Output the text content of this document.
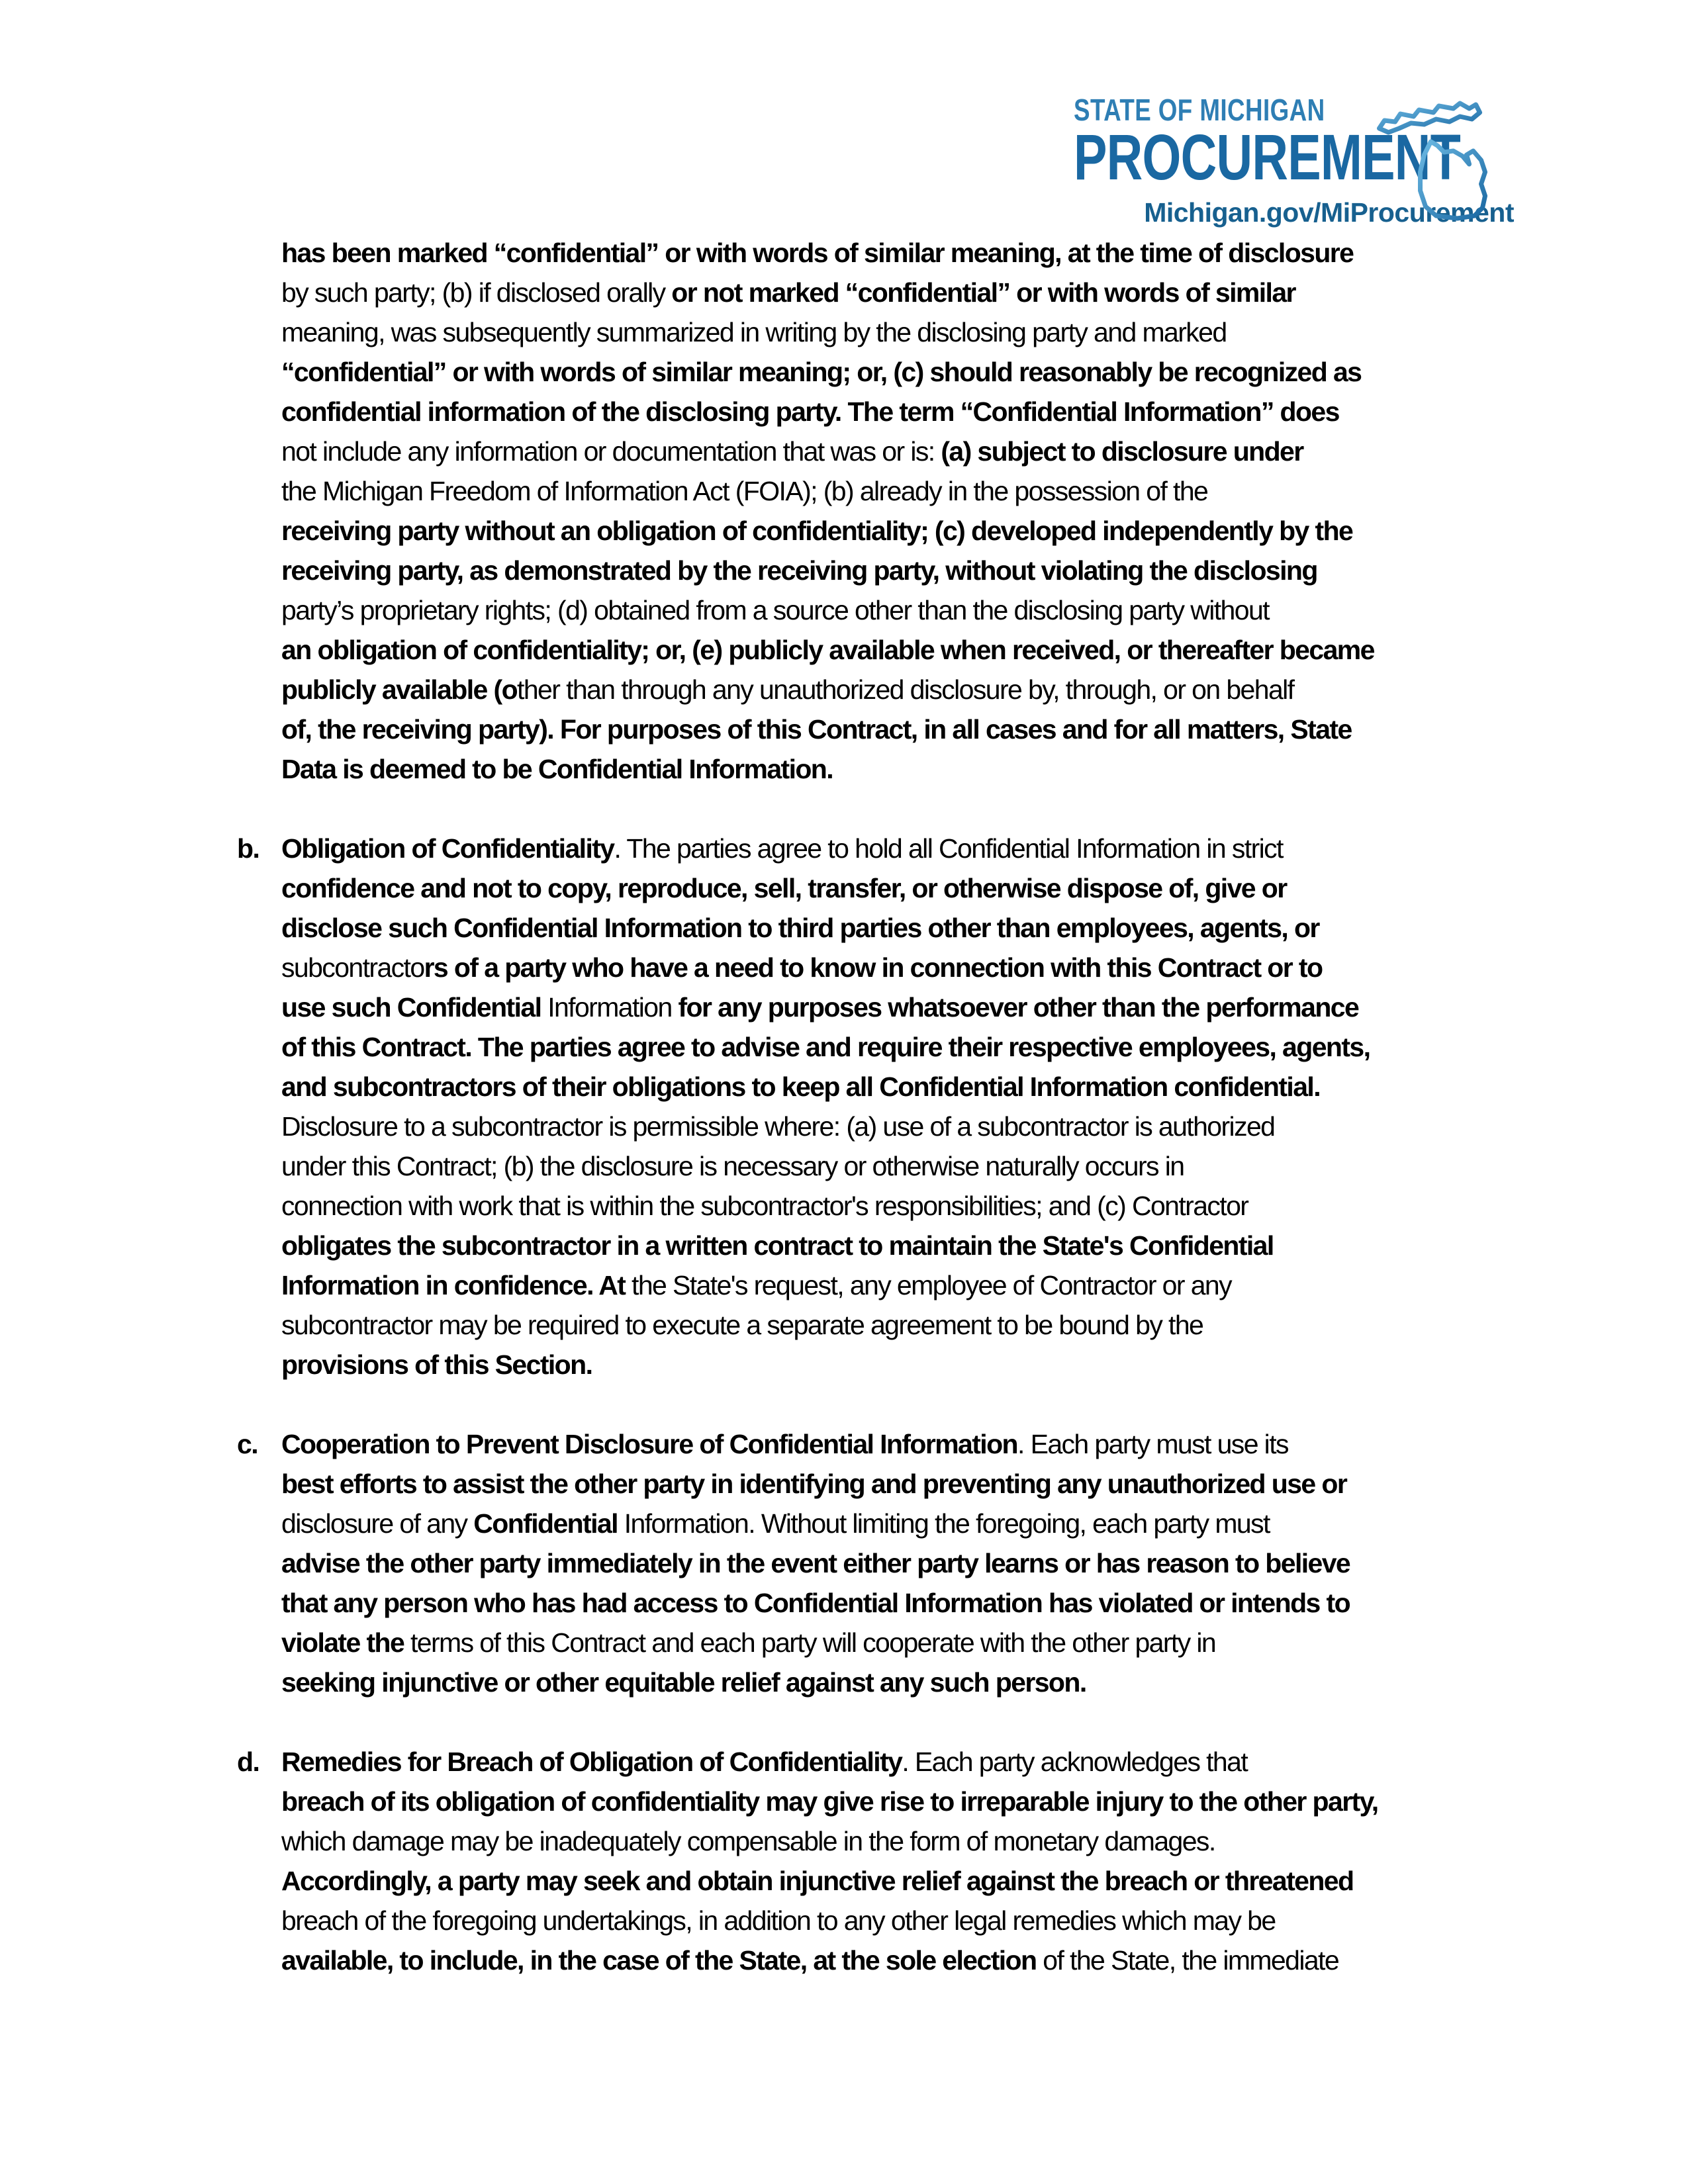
STATE OF MICHIGAN
PROCUREMENT
Michigan.gov/MiProcurement
has been marked “confidential” or with words of similar meaning, at the time of disclosure
by such party; (b) if disclosed orally or not marked “confidential” or with words of similar
meaning, was subsequently summarized in writing by the disclosing party and marked
“confidential” or with words of similar meaning; or, (c) should reasonably be recognized as
confidential information of the disclosing party. The term “Confidential Information” does
not include any information or documentation that was or is: (a) subject to disclosure under
the Michigan Freedom of Information Act (FOIA); (b) already in the possession of the
receiving party without an obligation of confidentiality; (c) developed independently by the
receiving party, as demonstrated by the receiving party, without violating the disclosing
party’s proprietary rights; (d) obtained from a source other than the disclosing party without
an obligation of confidentiality; or, (e) publicly available when received, or thereafter became
publicly available (other than through any unauthorized disclosure by, through, or on behalf
of, the receiving party). For purposes of this Contract, in all cases and for all matters, State
Data is deemed to be Confidential Information.
b. Obligation of Confidentiality. The parties agree to hold all Confidential Information in strict
confidence and not to copy, reproduce, sell, transfer, or otherwise dispose of, give or
disclose such Confidential Information to third parties other than employees, agents, or
subcontractors of a party who have a need to know in connection with this Contract or to
use such Confidential Information for any purposes whatsoever other than the performance
of this Contract. The parties agree to advise and require their respective employees, agents,
and subcontractors of their obligations to keep all Confidential Information confidential.
Disclosure to a subcontractor is permissible where: (a) use of a subcontractor is authorized
under this Contract; (b) the disclosure is necessary or otherwise naturally occurs in
connection with work that is within the subcontractor's responsibilities; and (c) Contractor
obligates the subcontractor in a written contract to maintain the State's Confidential
Information in confidence. At the State's request, any employee of Contractor or any
subcontractor may be required to execute a separate agreement to be bound by the
provisions of this Section.
c. Cooperation to Prevent Disclosure of Confidential Information. Each party must use its
best efforts to assist the other party in identifying and preventing any unauthorized use or
disclosure of any Confidential Information. Without limiting the foregoing, each party must
advise the other party immediately in the event either party learns or has reason to believe
that any person who has had access to Confidential Information has violated or intends to
violate the terms of this Contract and each party will cooperate with the other party in
seeking injunctive or other equitable relief against any such person.
d. Remedies for Breach of Obligation of Confidentiality. Each party acknowledges that
breach of its obligation of confidentiality may give rise to irreparable injury to the other party,
which damage may be inadequately compensable in the form of monetary damages.
Accordingly, a party may seek and obtain injunctive relief against the breach or threatened
breach of the foregoing undertakings, in addition to any other legal remedies which may be
available, to include, in the case of the State, at the sole election of the State, the immediate
